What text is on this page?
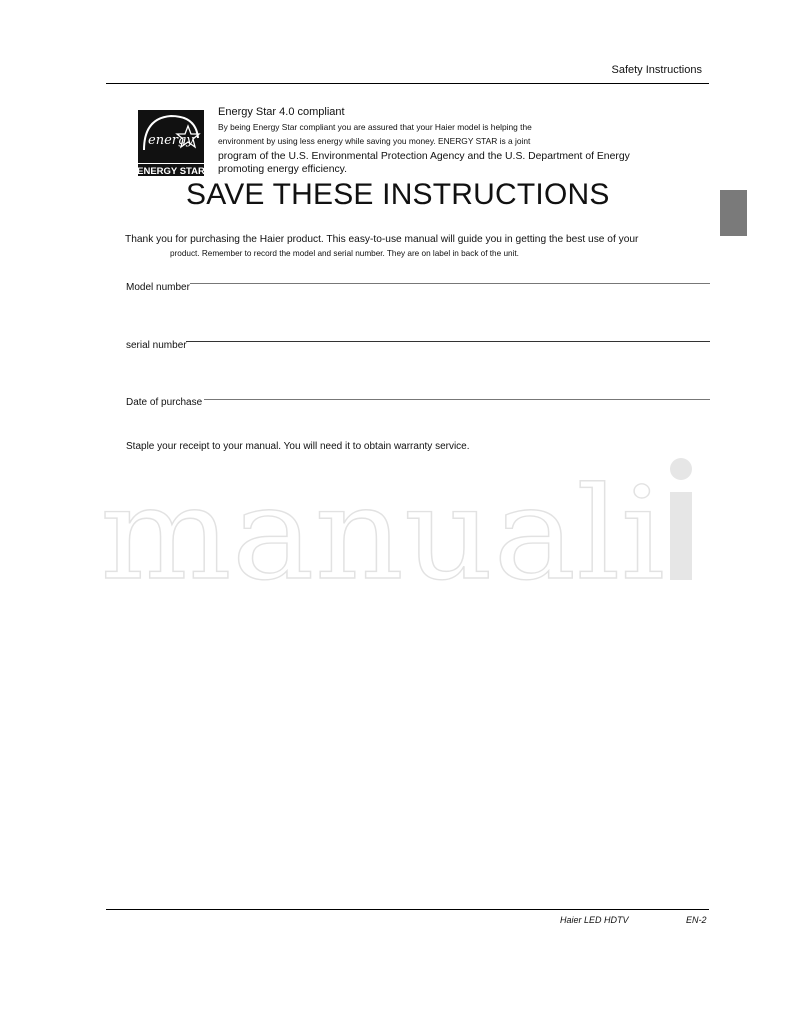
Safety Instructions
energy
ENERGY STAR
Energy Star 4.0 compliant
By being Energy Star compliant you are assured that your Haier model is helping the
environment by using less energy while saving you money. ENERGY STAR is a joint
program of the U.S. Environmental Protection Agency and the U.S. Department of Energy
promoting energy efficiency.
SAVE THESE INSTRUCTIONS
Thank you for purchasing the Haier product. This easy-to-use manual will guide you in getting the best use of your
product. Remember to record the model and serial number. They are on label in back of the unit.
Model number
serial number
Date of purchase
Staple your receipt to your manual. You will need it to obtain warranty service.
manuali
Haier LED HDTV	EN-2
